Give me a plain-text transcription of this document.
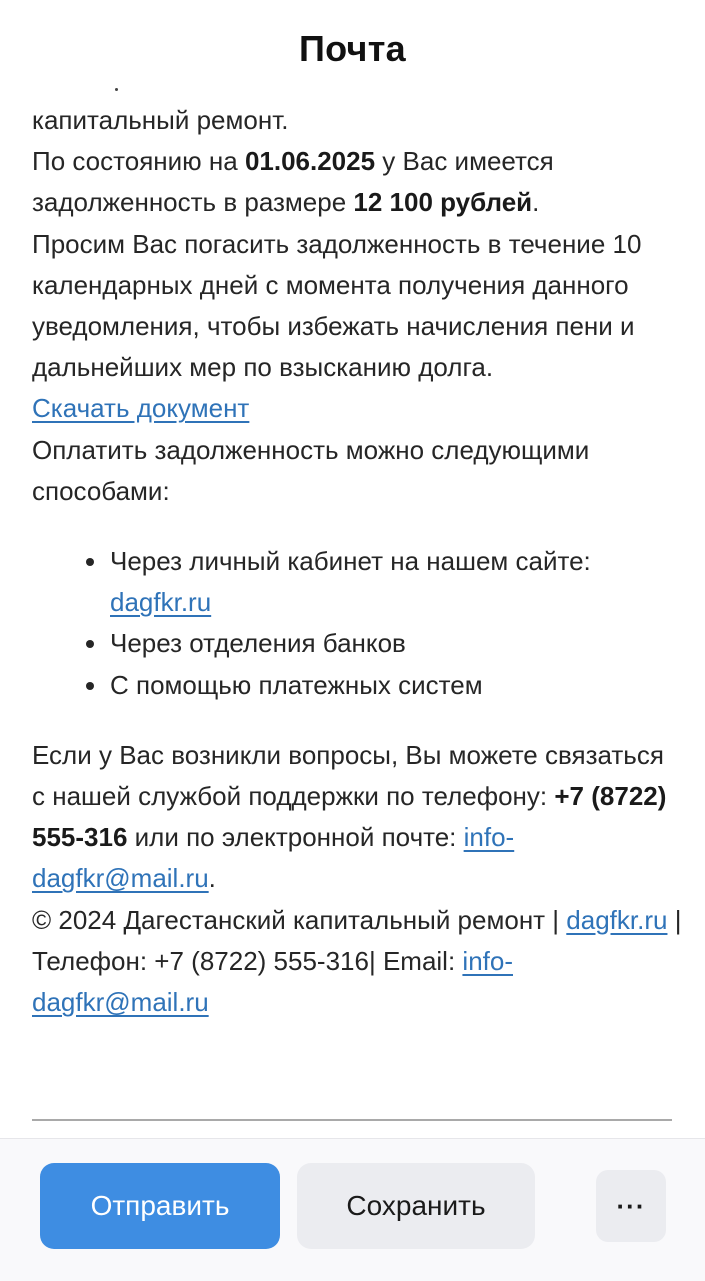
Почта

капитальный ремонт.

По состоянию на 01.06.2025 у Вас имеется задолженность в размере 12 100 рублей.

Просим Вас погасить задолженность в течение 10 календарных дней с момента получения данного уведомления, чтобы избежать начисления пени и дальнейших мер по взысканию долга.

Скачать документ

Оплатить задолженность можно следующими способами:

Через личный кабинет на нашем сайте: dagfkr.ru
Через отделения банков
С помощью платежных систем

Если у Вас возникли вопросы, Вы можете связаться с нашей службой поддержки по телефону: +7 (8722) 555-316 или по электронной почте: info-dagfkr@mail.ru.

© 2024 Дагестанский капитальный ремонт | dagfkr.ru | Телефон: +7 (8722) 555-316| Email: info-dagfkr@mail.ru

Отправить	Сохранить	···
